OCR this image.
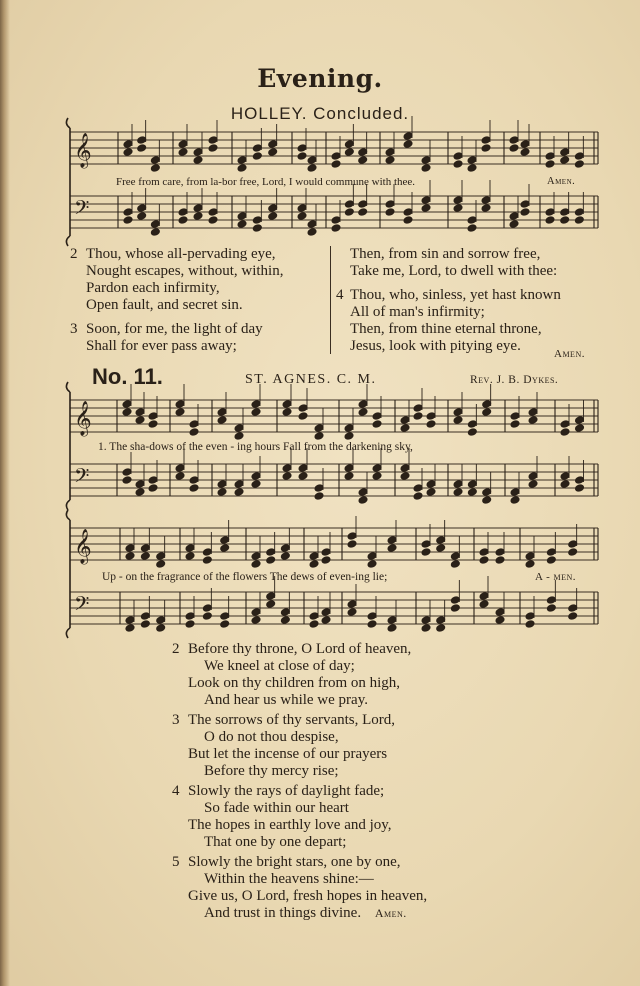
𝄞
𝄢
𝄞
𝄢
𝄞
𝄢
Evening.
HOLLEY. Concluded.
Free from care, from la-bor free, Lord, I would commune with thee.	Amen.
2 Thou, whose all-pervading eye,
Nought escapes, without, within,
Pardon each infirmity,
Open fault, and secret sin.
3 Soon, for me, the light of day
Shall for ever pass away;
Then, from sin and sorrow free,
Take me, Lord, to dwell with thee:
4 Thou, who, sinless, yet hast known
All of man's infirmity;
Then, from thine eternal throne,
Jesus, look with pitying eye.	Amen.
No. 11.	ST. AGNES. C. M.	Rev. J. B. Dykes.
1. The sha-dows of the even - ing hours Fall from the darkening sky,
Up - on the fragrance of the flowers The dews of even-ing lie;	A - men.
2 Before thy throne, O Lord of heaven,
We kneel at close of day;
Look on thy children from on high,
And hear us while we pray.
3 The sorrows of thy servants, Lord,
O do not thou despise,
But let the incense of our prayers
Before thy mercy rise;
4 Slowly the rays of daylight fade;
So fade within our heart
The hopes in earthly love and joy,
That one by one depart;
5 Slowly the bright stars, one by one,
Within the heavens shine:—
Give us, O Lord, fresh hopes in heaven,
And trust in things divine. Amen.
